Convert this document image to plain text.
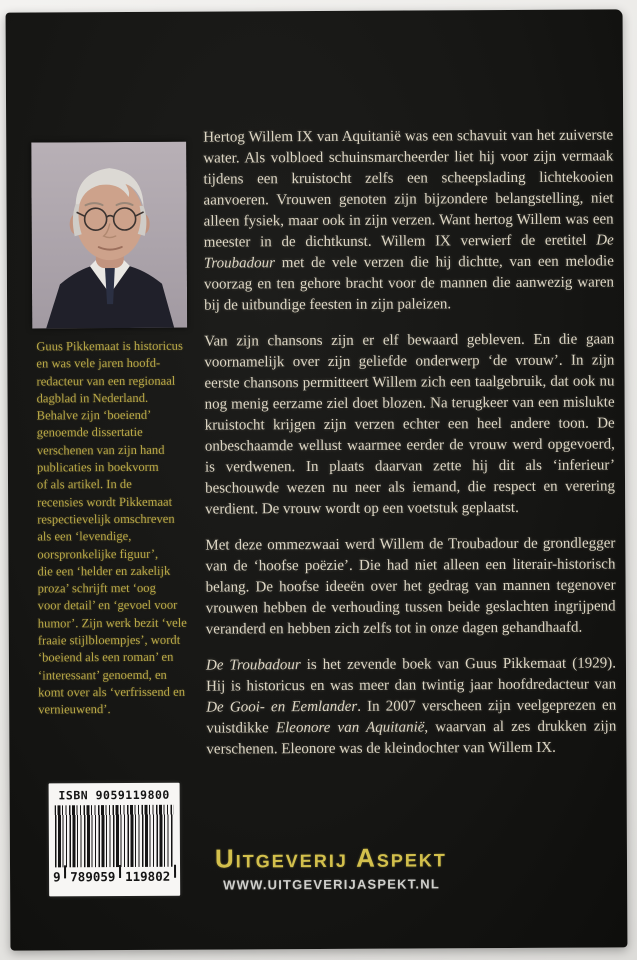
Guus Pikkemaat is historicus
en was vele jaren hoofd-
redacteur van een regionaal
dagblad in Nederland.
Behalve zijn ‘boeiend’
genoemde dissertatie
verschenen van zijn hand
publicaties in boekvorm
of als artikel. In de
recensies wordt Pikkemaat
respectievelijk omschreven
als een ‘levendige,
oorspronkelijke figuur’,
die een ‘helder en zakelijk
proza’ schrijft met ‘oog
voor detail’ en ‘gevoel voor
humor’. Zijn werk bezit ‘vele
fraaie stijlbloempjes’, wordt
‘boeiend als een roman’ en
‘interessant’ genoemd, en
komt over als ‘verfrissend en
vernieuwend’.

Hertog Willem IX van Aquitanië was een schavuit van het zuiverste water. Als volbloed schuinsmarcheerder liet hij voor zijn vermaak tijdens een kruistocht zelfs een scheepslading lichtekooien aanvoeren. Vrouwen genoten zijn bijzondere belangstelling, niet alleen fysiek, maar ook in zijn verzen. Want hertog Willem was een meester in de dichtkunst. Willem IX verwierf de eretitel De Troubadour met de vele verzen die hij dichtte, van een melodie voorzag en ten gehore bracht voor de mannen die aanwezig waren bij de uitbundige feesten in zijn paleizen.

Van zijn chansons zijn er elf bewaard gebleven. En die gaan voornamelijk over zijn geliefde onderwerp ‘de vrouw’. In zijn eerste chansons permitteert Willem zich een taalgebruik, dat ook nu nog menig eerzame ziel doet blozen. Na terugkeer van een mislukte kruistocht krijgen zijn verzen echter een heel andere toon. De onbeschaamde wellust waarmee eerder de vrouw werd opgevoerd, is verdwenen. In plaats daarvan zette hij dit als ‘inferieur’ beschouwde wezen nu neer als iemand, die respect en verering verdient. De vrouw wordt op een voetstuk geplaatst.

Met deze ommezwaai werd Willem de Troubadour de grondlegger van de ‘hoofse poëzie’. Die had niet alleen een literair-historisch belang. De hoofse ideeën over het gedrag van mannen tegenover vrouwen hebben de verhouding tussen beide geslachten ingrijpend veranderd en hebben zich zelfs tot in onze dagen gehandhaafd.

De Troubadour is het zevende boek van Guus Pikkemaat (1929). Hij is historicus en was meer dan twintig jaar hoofdredacteur van De Gooi- en Eemlander. In 2007 verscheen zijn veelgeprezen en vuistdikke Eleonore van Aquitanië, waarvan al zes drukken zijn verschenen. Eleonore was de kleindochter van Willem IX.

ISBN 9059119800
9 789059 119802
Uitgeverij Aspekt
WWW.UITGEVERIJASPEKT.NL
